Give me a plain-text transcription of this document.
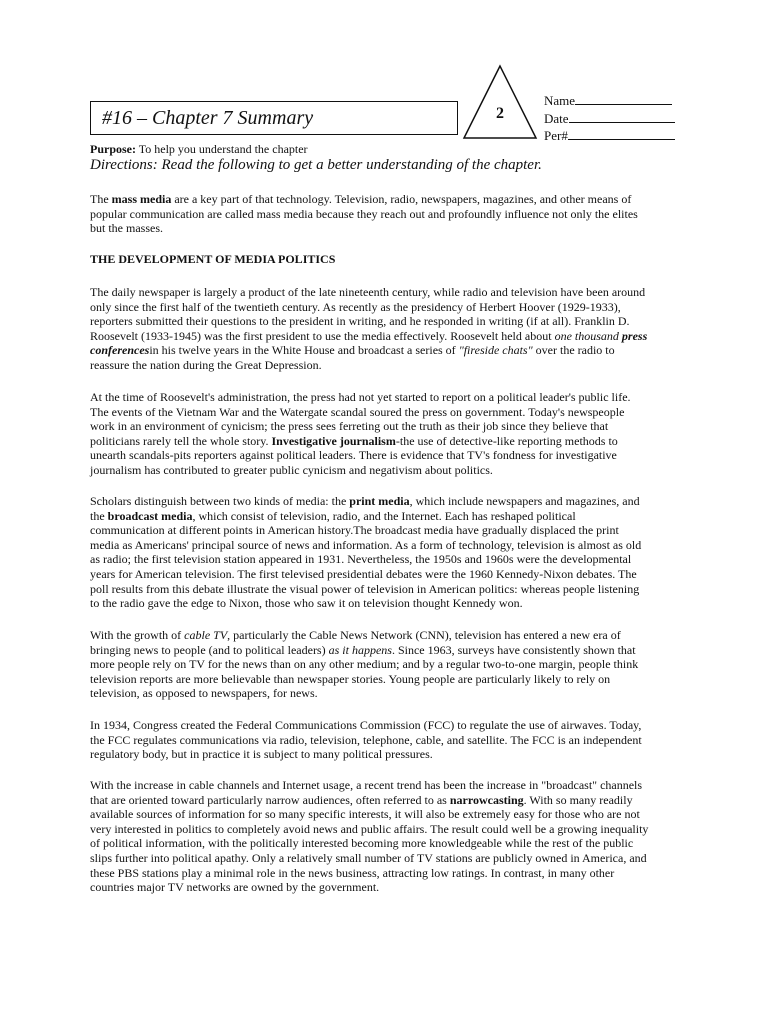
#16 – Chapter 7 Summary	2
Name
Date
Per#
Purpose: To help you understand the chapter
Directions: Read the following to get a better understanding of the chapter.
THE DEVELOPMENT OF MEDIA POLITICS

The mass media are a key part of that technology. Television, radio, newspapers, magazines, and other means of
popular communication are called mass media because they reach out and profoundly influence not only the elites
but the masses.

The daily newspaper is largely a product of the late nineteenth century, while radio and television have been around
only since the first half of the twentieth century. As recently as the presidency of Herbert Hoover (1929-1933),
reporters submitted their questions to the president in writing, and he responded in writing (if at all). Franklin D.
Roosevelt (1933-1945) was the first president to use the media effectively. Roosevelt held about one thousand press
conferencesin his twelve years in the White House and broadcast a series of "fireside chats" over the radio to
reassure the nation during the Great Depression.

At the time of Roosevelt's administration, the press had not yet started to report on a political leader's public life.
The events of the Vietnam War and the Watergate scandal soured the press on government. Today's newspeople
work in an environment of cynicism; the press sees ferreting out the truth as their job since they believe that
politicians rarely tell the whole story. Investigative journalism-the use of detective-like reporting methods to
unearth scandals-pits reporters against political leaders. There is evidence that TV's fondness for investigative
journalism has contributed to greater public cynicism and negativism about politics.

Scholars distinguish between two kinds of media: the print media, which include newspapers and magazines, and
the broadcast media, which consist of television, radio, and the Internet. Each has reshaped political
communication at different points in American history.The broadcast media have gradually displaced the print
media as Americans' principal source of news and information. As a form of technology, television is almost as old
as radio; the first television station appeared in 1931. Nevertheless, the 1950s and 1960s were the developmental
years for American television. The first televised presidential debates were the 1960 Kennedy-Nixon debates. The
poll results from this debate illustrate the visual power of television in American politics: whereas people listening
to the radio gave the edge to Nixon, those who saw it on television thought Kennedy won.

With the growth of cable TV, particularly the Cable News Network (CNN), television has entered a new era of
bringing news to people (and to political leaders) as it happens. Since 1963, surveys have consistently shown that
more people rely on TV for the news than on any other medium; and by a regular two-to-one margin, people think
television reports are more believable than newspaper stories. Young people are particularly likely to rely on
television, as opposed to newspapers, for news.

In 1934, Congress created the Federal Communications Commission (FCC) to regulate the use of airwaves. Today,
the FCC regulates communications via radio, television, telephone, cable, and satellite. The FCC is an independent
regulatory body, but in practice it is subject to many political pressures.

With the increase in cable channels and Internet usage, a recent trend has been the increase in "broadcast" channels
that are oriented toward particularly narrow audiences, often referred to as narrowcasting. With so many readily
available sources of information for so many specific interests, it will also be extremely easy for those who are not
very interested in politics to completely avoid news and public affairs. The result could well be a growing inequality
of political information, with the politically interested becoming more knowledgeable while the rest of the public
slips further into political apathy. Only a relatively small number of TV stations are publicly owned in America, and
these PBS stations play a minimal role in the news business, attracting low ratings. In contrast, in many other
countries major TV networks are owned by the government.
